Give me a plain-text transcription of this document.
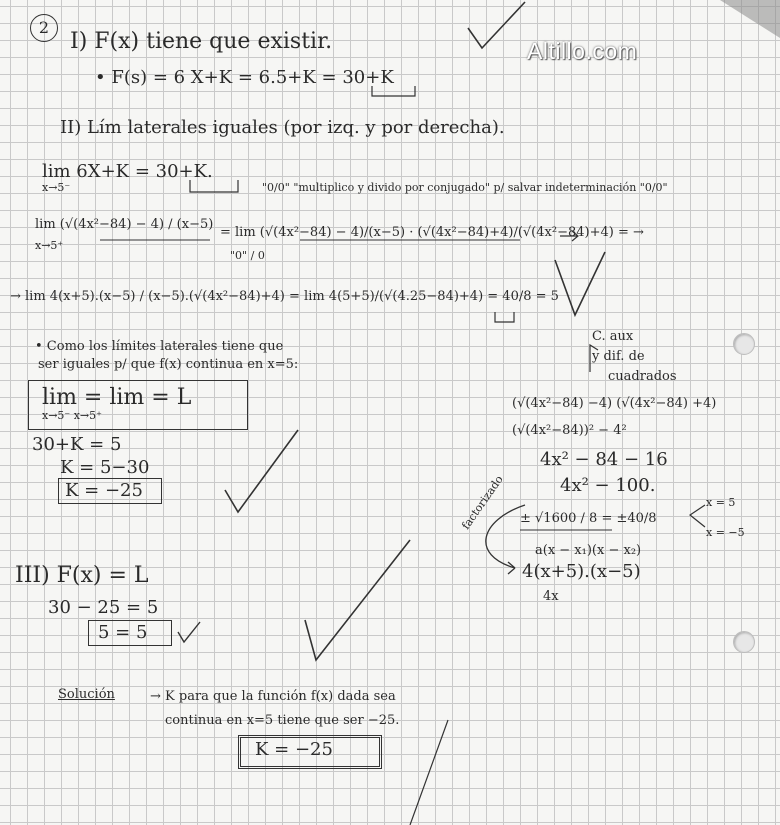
Altillo.com
2
I) F(x) tiene que existir.
• F(s) = 6 X+K = 6.5+K = 30+K
II) Lím laterales iguales (por izq. y por derecha).
lim 6X+K = 30+K.
x→5⁻	"0/0" "multiplico y divido por conjugado" p/ salvar indeterminación "0/0"
lim (√(4x²−84) − 4) / (x−5)
x→5⁺
= lim (√(4x²−84) − 4)/(x−5) · (√(4x²−84)+4)/(√(4x²−84)+4) = →
"0" / 0
→ lim 4(x+5).(x−5) / (x−5).(√(4x²−84)+4) = lim 4(5+5)/(√(4.25−84)+4) = 40/8 = 5
• Como los límites laterales tiene que
ser iguales p/ que f(x) continua en x=5:
lim = lim = L
x→5⁻ x→5⁺
30+K = 5
K = 5−30
K = −25
C. aux
y dif. de
cuadrados
(√(4x²−84) −4) (√(4x²−84) +4)
(√(4x²−84))² − 4²
4x² − 84 − 16
4x² − 100.
± √1600 / 8 = ±40/8
x = 5
x = −5
a(x − x₁)(x − x₂)
4(x+5).(x−5)
4x
factorizado
III) F(x) = L
30 − 25 = 5
5 = 5
Solución	→ K para que la función f(x) dada sea
continua en x=5 tiene que ser −25.
K = −25
